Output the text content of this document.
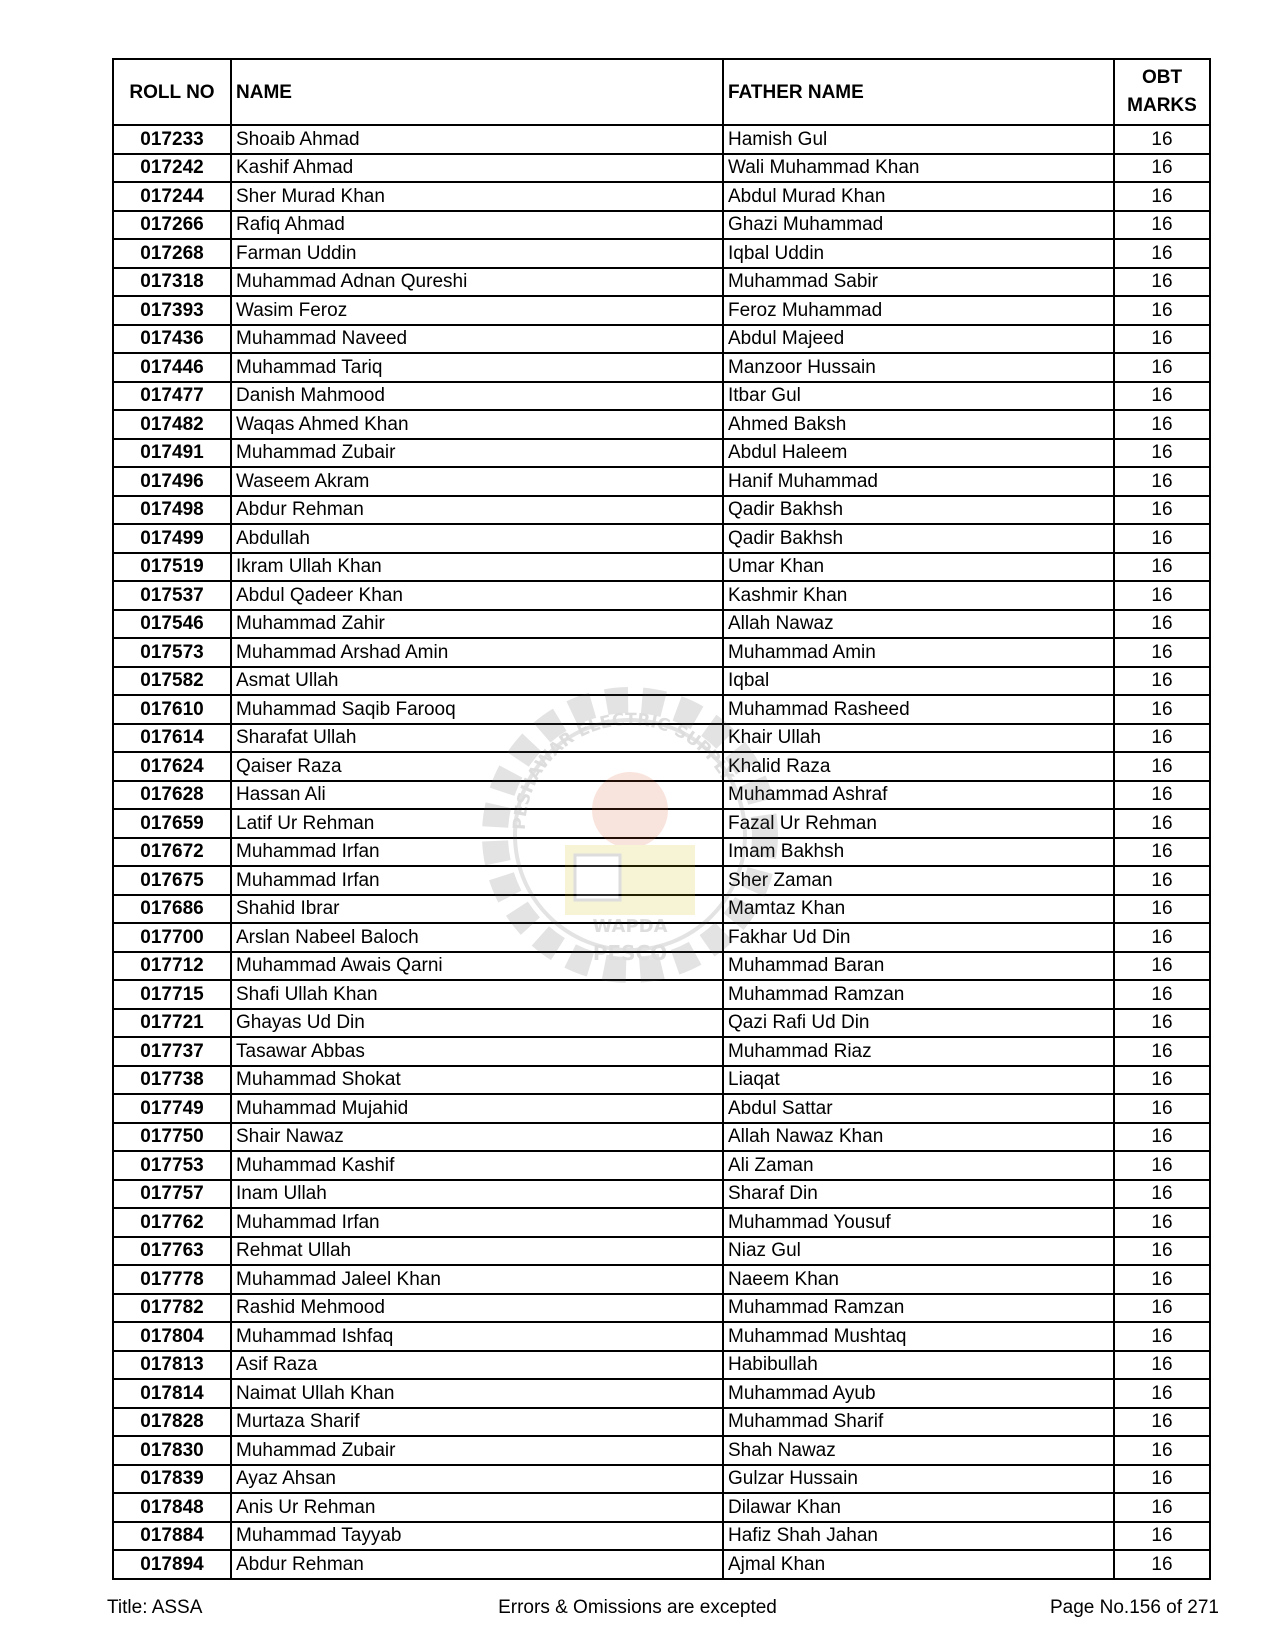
ROLL NO	NAME	FATHER NAME	OBT
MARKS
017233	Shoaib Ahmad	Hamish Gul	16
017242	Kashif Ahmad	Wali Muhammad Khan	16
017244	Sher Murad Khan	Abdul Murad Khan	16
017266	Rafiq Ahmad	Ghazi Muhammad	16
017268	Farman Uddin	Iqbal Uddin	16
017318	Muhammad Adnan Qureshi	Muhammad Sabir	16
017393	Wasim Feroz	Feroz Muhammad	16
017436	Muhammad Naveed	Abdul Majeed	16
017446	Muhammad Tariq	Manzoor Hussain	16
017477	Danish Mahmood	Itbar Gul	16
017482	Waqas Ahmed Khan	Ahmed Baksh	16
017491	Muhammad Zubair	Abdul Haleem	16
017496	Waseem Akram	Hanif Muhammad	16
017498	Abdur Rehman	Qadir Bakhsh	16
017499	Abdullah	Qadir Bakhsh	16
017519	Ikram Ullah Khan	Umar Khan	16
017537	Abdul Qadeer Khan	Kashmir Khan	16
017546	Muhammad Zahir	Allah Nawaz	16
017573	Muhammad Arshad Amin	Muhammad Amin	16
017582	Asmat Ullah	Iqbal	16
017610	Muhammad Saqib Farooq	Muhammad Rasheed	16
017614	Sharafat Ullah	Khair Ullah	16
017624	Qaiser Raza	Khalid Raza	16
017628	Hassan Ali	Muhammad Ashraf	16
017659	Latif Ur Rehman	Fazal Ur Rehman	16
017672	Muhammad Irfan	Imam Bakhsh	16
017675	Muhammad Irfan	Sher Zaman	16
017686	Shahid Ibrar	Mamtaz Khan	16
017700	Arslan Nabeel Baloch	Fakhar Ud Din	16
017712	Muhammad Awais Qarni	Muhammad Baran	16
017715	Shafi Ullah Khan	Muhammad Ramzan	16
017721	Ghayas Ud Din	Qazi Rafi Ud Din	16
017737	Tasawar Abbas	Muhammad Riaz	16
017738	Muhammad Shokat	Liaqat	16
017749	Muhammad Mujahid	Abdul Sattar	16
017750	Shair Nawaz	Allah Nawaz Khan	16
017753	Muhammad Kashif	Ali Zaman	16
017757	Inam Ullah	Sharaf Din	16
017762	Muhammad Irfan	Muhammad Yousuf	16
017763	Rehmat Ullah	Niaz Gul	16
017778	Muhammad Jaleel Khan	Naeem Khan	16
017782	Rashid Mehmood	Muhammad Ramzan	16
017804	Muhammad Ishfaq	Muhammad Mushtaq	16
017813	Asif Raza	Habibullah	16
017814	Naimat Ullah Khan	Muhammad Ayub	16
017828	Murtaza Sharif	Muhammad Sharif	16
017830	Muhammad Zubair	Shah Nawaz	16
017839	Ayaz Ahsan	Gulzar Hussain	16
017848	Anis Ur Rehman	Dilawar Khan	16
017884	Muhammad Tayyab	Hafiz Shah Jahan	16
017894	Abdur Rehman	Ajmal Khan	16
PESHAWAR ELECTRIC SUPPLY
WAPDA
PESCO
Title: ASSA	Errors & Omissions are excepted	Page No.156 of 271
